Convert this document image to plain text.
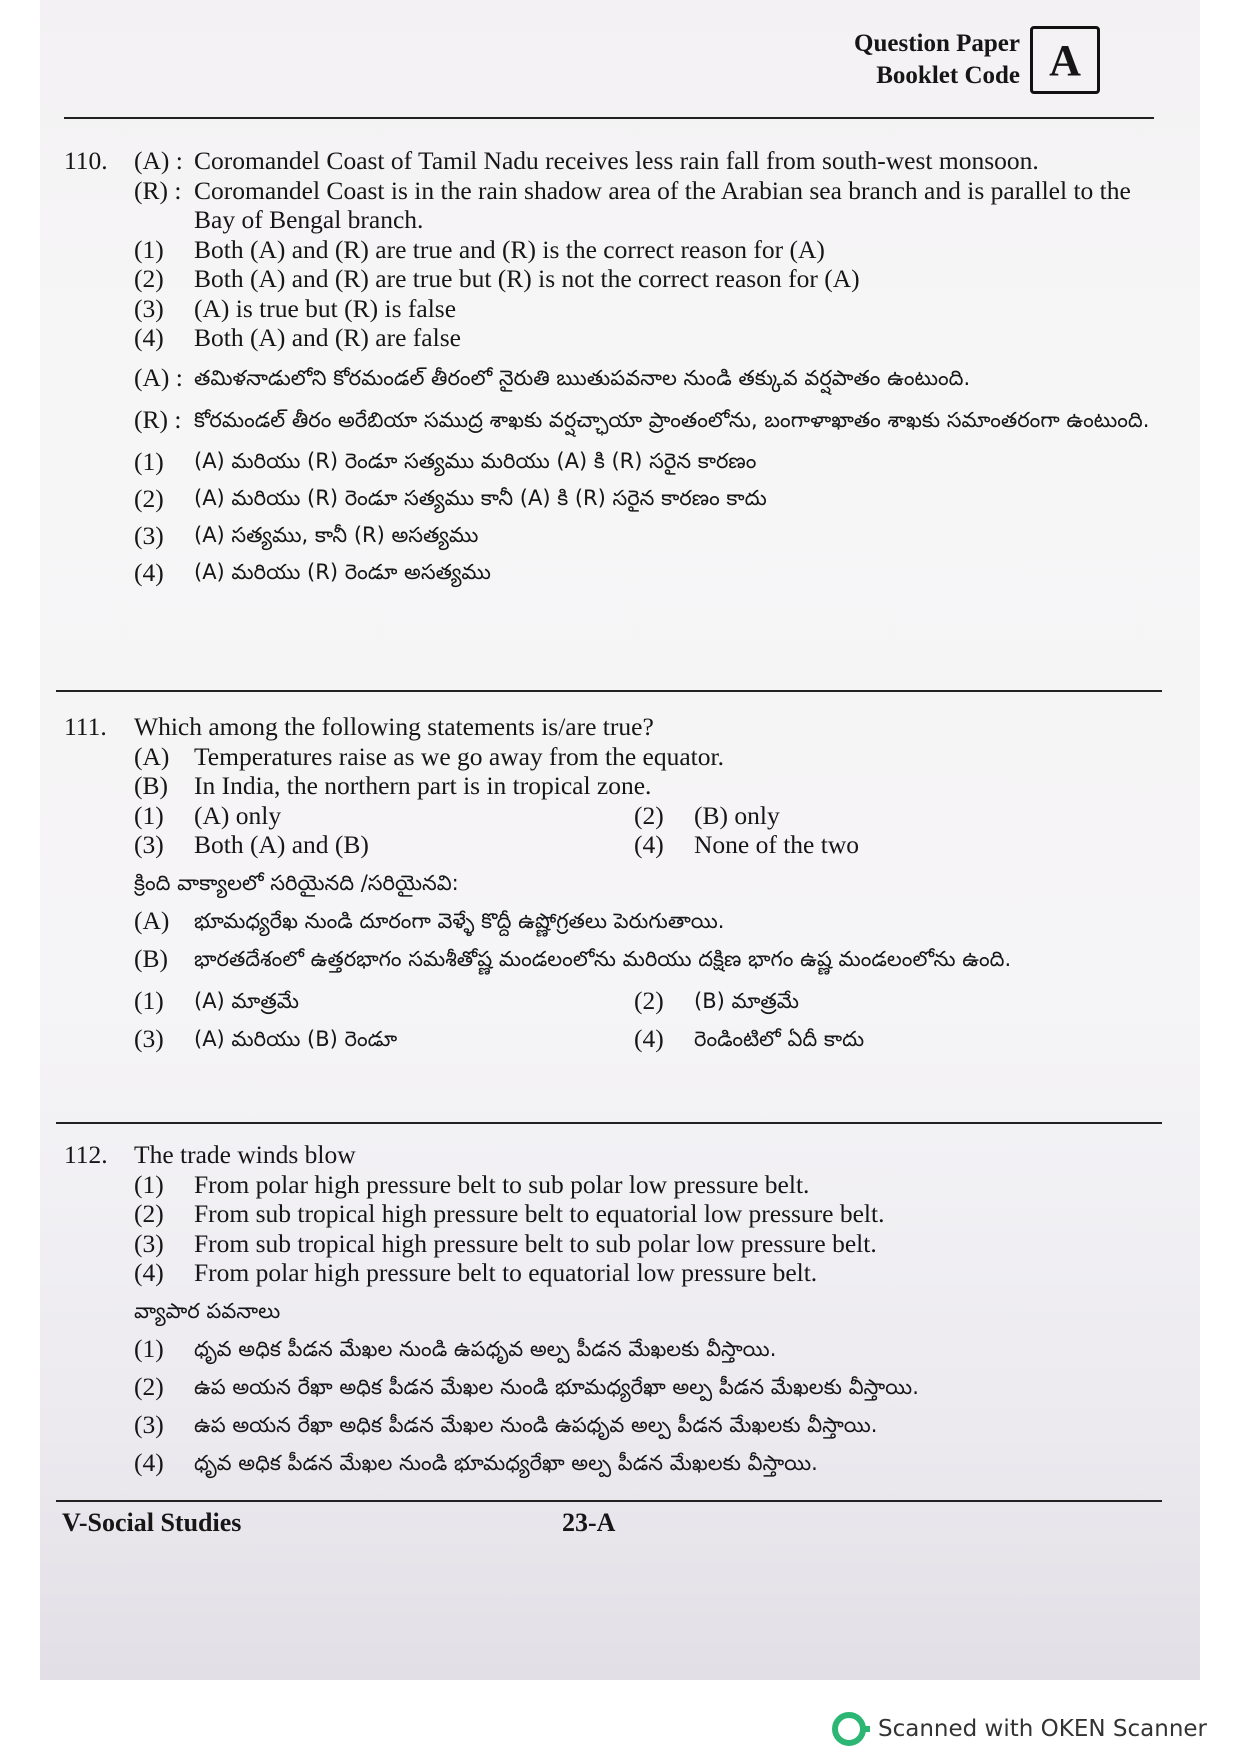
Question Paper
Booklet Code A
110.	(A) : Coromandel Coast of Tamil Nadu receives less rain fall from south-west monsoon.
(R) : Coromandel Coast is in the rain shadow area of the Arabian sea branch and is parallel to the Bay of Bengal branch.
(1)	Both (A) and (R) are true and (R) is the correct reason for (A)
(2)	Both (A) and (R) are true but (R) is not the correct reason for (A)
(3)	(A) is true but (R) is false
(4)	Both (A) and (R) are false
(A) : తమిళనాడులోని కోరమండల్ తీరంలో నైరుతి ఋతుపవనాల నుండి తక్కువ వర్షపాతం ఉంటుంది.
(R) : కోరమండల్ తీరం అరేబియా సముద్ర శాఖకు వర్షచ్ఛాయా ప్రాంతంలోను, బంగాళాఖాతం శాఖకు సమాంతరంగా ఉంటుంది.
(1)	(A) మరియు (R) రెండూ సత్యము మరియు (A) కి (R) సరైన కారణం
(2)	(A) మరియు (R) రెండూ సత్యము కానీ (A) కి (R) సరైన కారణం కాదు
(3)	(A) సత్యము, కానీ (R) అసత్యము
(4)	(A) మరియు (R) రెండూ అసత్యము
111.	Which among the following statements is/are true?
(A) Temperatures raise as we go away from the equator.
(B)	In India, the northern part is in tropical zone.
(1)	(A) only	(2)	(B) only
(3)	Both (A) and (B)	(4)	None of the two
క్రింది వాక్యాలలో సరియైనది /సరియైనవి:
(A)	భూమధ్యరేఖ నుండి దూరంగా వెళ్ళే కొద్దీ ఉష్ణోగ్రతలు పెరుగుతాయి.
(B)	భారతదేశంలో ఉత్తరభాగం సమశీతోష్ణ మండలంలోను మరియు దక్షిణ భాగం ఉష్ణ మండలంలోను ఉంది.
(1)	(A) మాత్రమే	(2)	(B) మాత్రమే
(3)	(A) మరియు (B) రెండూ	(4)	రెండింటిలో ఏదీ కాదు
112.	The trade winds blow
(1)	From polar high pressure belt to sub polar low pressure belt.
(2)	From sub tropical high pressure belt to equatorial low pressure belt.
(3)	From sub tropical high pressure belt to sub polar low pressure belt.
(4)	From polar high pressure belt to equatorial low pressure belt.
వ్యాపార పవనాలు
(1)	ధృవ అధిక పీడన మేఖల నుండి ఉపధృవ అల్ప పీడన మేఖలకు వీస్తాయి.
(2)	ఉప అయన రేఖా అధిక పీడన మేఖల నుండి భూమధ్యరేఖా అల్ప పీడన మేఖలకు వీస్తాయి.
(3)	ఉప అయన రేఖా అధిక పీడన మేఖల నుండి ఉపధృవ అల్ప పీడన మేఖలకు వీస్తాయి.
(4)	ధృవ అధిక పీడన మేఖల నుండి భూమధ్యరేఖా అల్ప పీడన మేఖలకు వీస్తాయి.
V-Social Studies	23-A
Scanned with OKEN Scanner
